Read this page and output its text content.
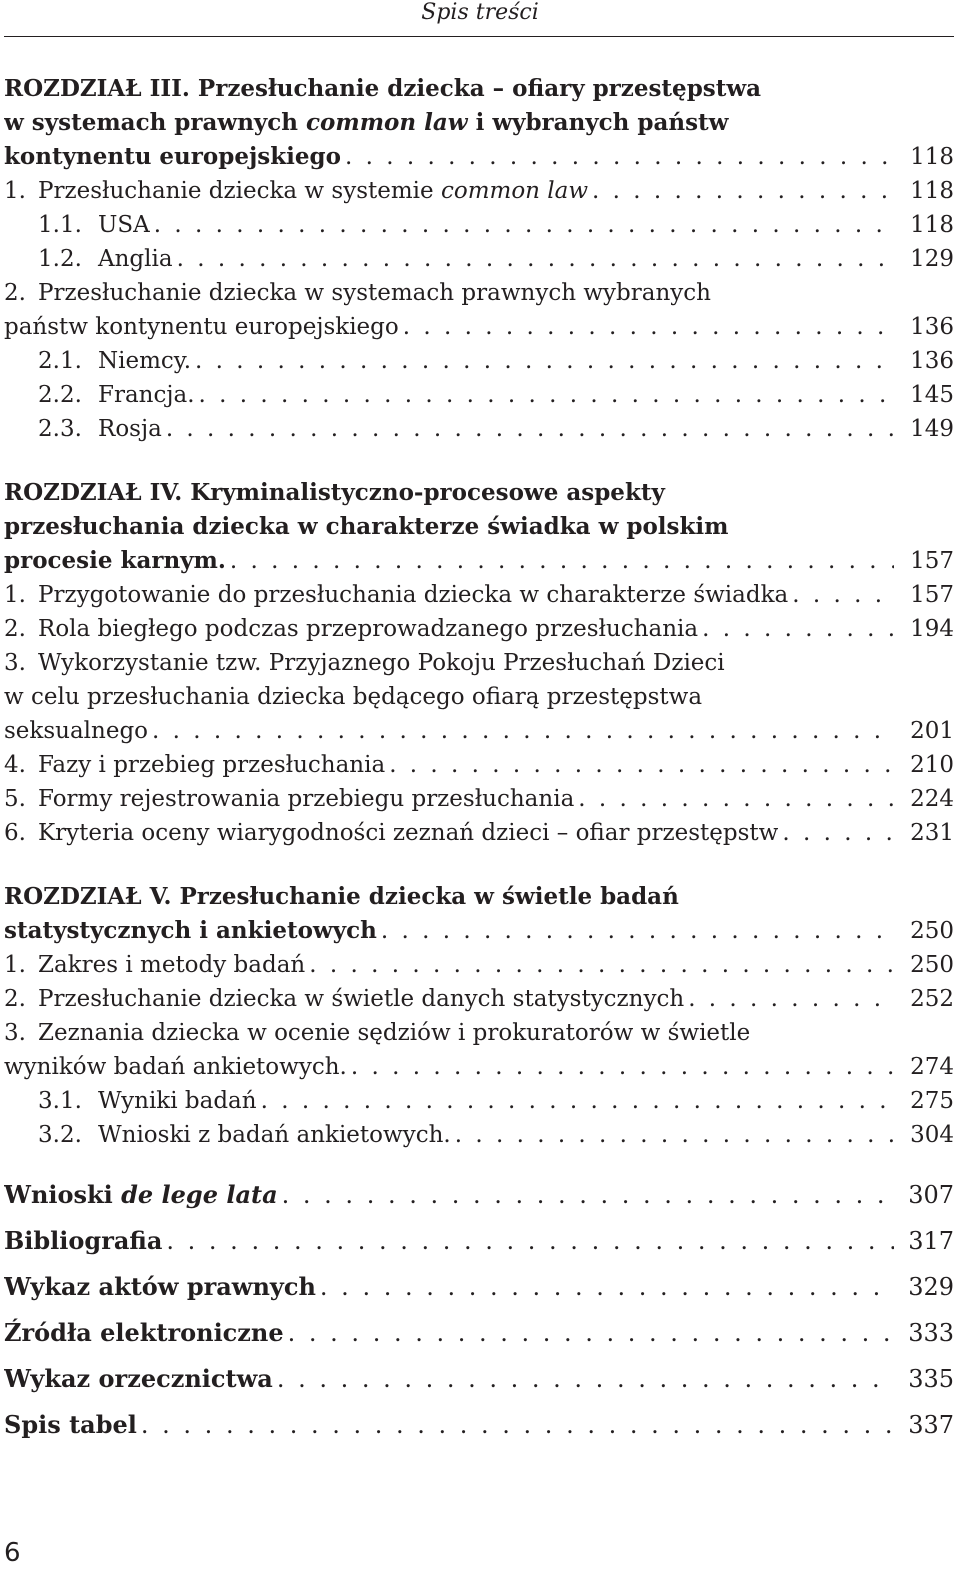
Spis treści
ROZDZIAŁ III. Przesłuchanie dziecka – ofiary przestępstwa
w systemach prawnych common law i wybranych państw
kontynentu europejskiego . . .	118
1. Przesłuchanie dziecka w systemie common law . . .	118
1.1. USA . . .	118
1.2. Anglia . . .	129
2. Przesłuchanie dziecka w systemach prawnych wybranych
państw kontynentu europejskiego . . .	136
2.1. Niemcy. . . .	136
2.2. Francja. . . .	145
2.3. Rosja . . .	149
ROZDZIAŁ IV. Kryminalistyczno-procesowe aspekty
przesłuchania dziecka w charakterze świadka w polskim
procesie karnym. . . .	157
1. Przygotowanie do przesłuchania dziecka w charakterze świadka . . .	157
2. Rola biegłego podczas przeprowadzanego przesłuchania . . .	194
3. Wykorzystanie tzw. Przyjaznego Pokoju Przesłuchań Dzieci
w celu przesłuchania dziecka będącego ofiarą przestępstwa
seksualnego . . .	201
4. Fazy i przebieg przesłuchania . . .	210
5. Formy rejestrowania przebiegu przesłuchania . . .	224
6. Kryteria oceny wiarygodności zeznań dzieci – ofiar przestępstw . . .	231
ROZDZIAŁ V. Przesłuchanie dziecka w świetle badań
statystycznych i ankietowych . . .	250
1. Zakres i metody badań . . .	250
2. Przesłuchanie dziecka w świetle danych statystycznych . . .	252
3. Zeznania dziecka w ocenie sędziów i prokuratorów w świetle
wyników badań ankietowych. . . .	274
3.1. Wyniki badań . . .	275
3.2. Wnioski z badań ankietowych. . . .	304
Wnioski de lege lata . . .	307
Bibliografia . . .	317
Wykaz aktów prawnych . . .	329
Źródła elektroniczne . . .	333
Wykaz orzecznictwa . . .	335
Spis tabel . . .	337
6
